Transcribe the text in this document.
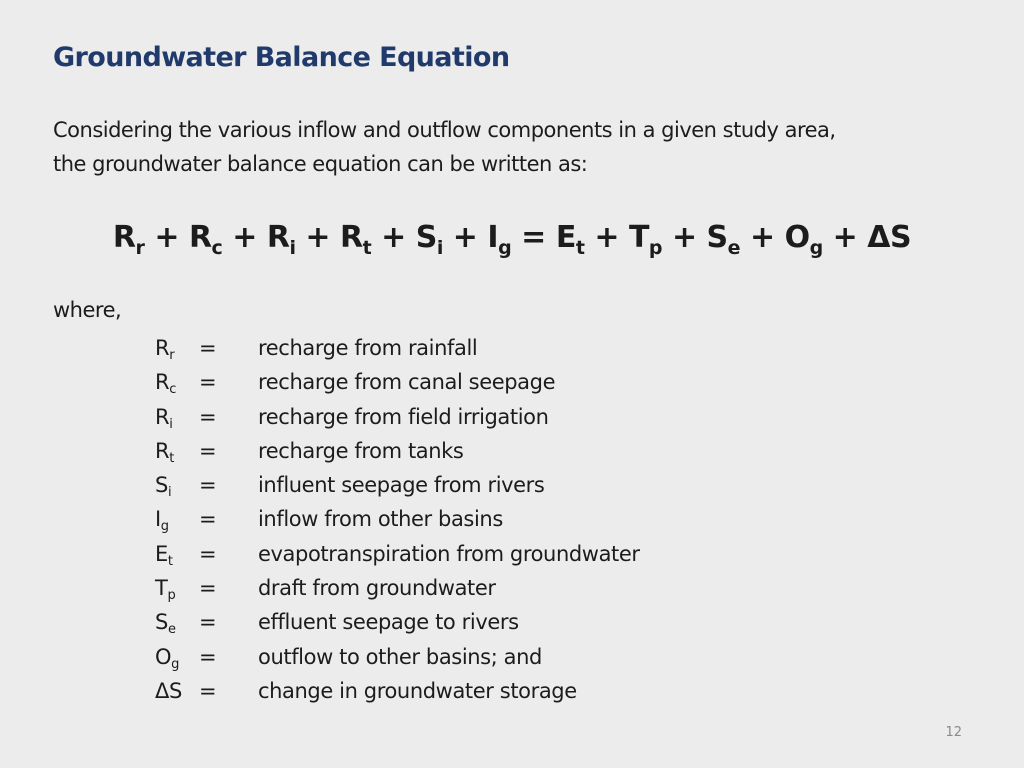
Groundwater Balance Equation
Considering the various inflow and outflow components in a given study area,
the groundwater balance equation can be written as:
$R_r + R_c + R_i + R_t + S_i + I_g = E_t + T_p + S_e + O_g + \Delta S$
where,
$R_r$	=	recharge from rainfall
$R_c$	=	recharge from canal seepage
$R_i$	=	recharge from field irrigation
$R_t$	=	recharge from tanks
$S_i$	=	influent seepage from rivers
$I_g$	=	inflow from other basins
$E_t$	=	evapotranspiration from groundwater
$T_p$	=	draft from groundwater
$S_e$	=	effluent seepage to rivers
$O_g$ =	outflow to other basins; and
ΔS =	change in groundwater storage
12
